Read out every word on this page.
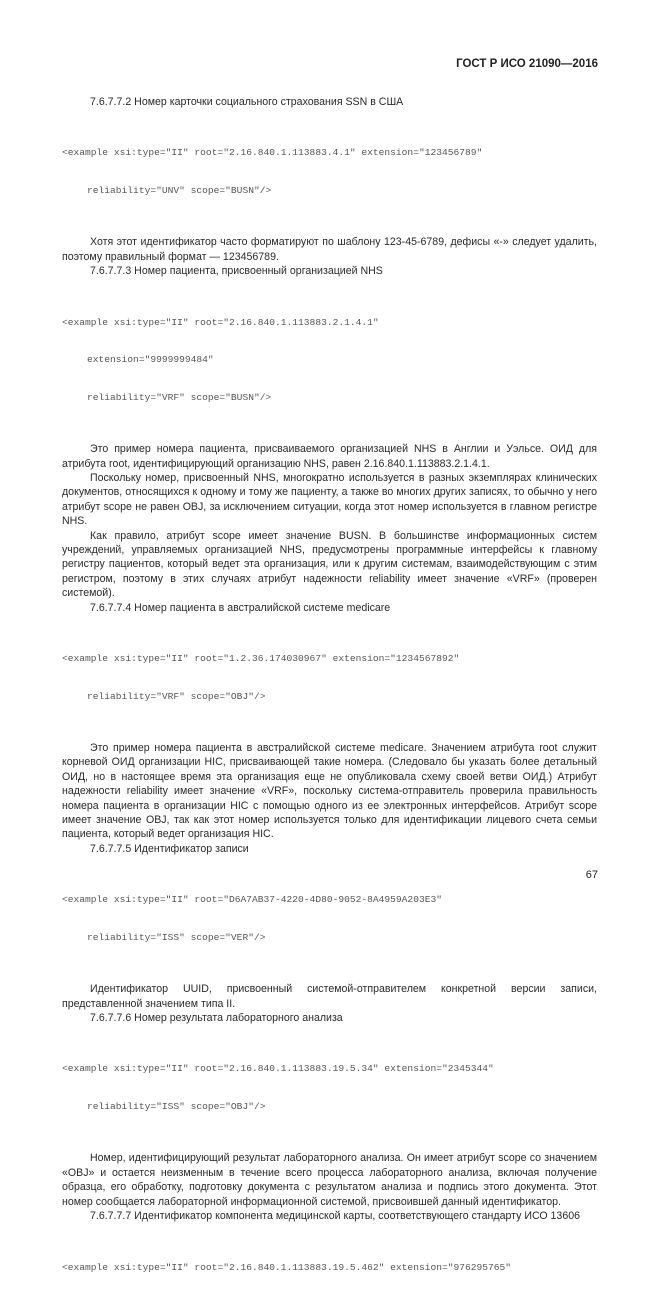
ГОСТ Р ИСО 21090—2016

7.6.7.7.2 Номер карточки социального страхования SSN в США

<example xsi:type="II" root="2.16.840.1.113883.4.1" extension="123456789"

reliability="UNV" scope="BUSN"/>

Хотя этот идентификатор часто форматируют по шаблону 123-45-6789, дефисы «-» следует удалить, поэтому правильный формат — 123456789.

7.6.7.7.3 Номер пациента, присвоенный организацией NHS

<example xsi:type="II" root="2.16.840.1.113883.2.1.4.1"

extension="9999999484"

reliability="VRF" scope="BUSN"/>

Это пример номера пациента, присваиваемого организацией NHS в Англии и Уэльсе. ОИД для атрибута root, идентифицирующий организацию NHS, равен 2.16.840.1.113883.2.1.4.1.

Поскольку номер, присвоенный NHS, многократно используется в разных экземплярах клинических документов, относящихся к одному и тому же пациенту, а также во многих других записях, то обычно у него атрибут scope не равен OBJ, за исключением ситуации, когда этот номер используется в главном регистре NHS.

Как правило, атрибут scope имеет значение BUSN. В большинстве информационных систем учреждений, управляемых организацией NHS, предусмотрены программные интерфейсы к главному регистру пациентов, который ведет эта организация, или к другим системам, взаимодействующим с этим регистром, поэтому в этих случаях атрибут надежности reliability имеет значение «VRF» (проверен системой).

7.6.7.7.4 Номер пациента в австралийской системе medicare

<example xsi:type="II" root="1.2.36.174030967" extension="1234567892"

reliability="VRF" scope="OBJ"/>

Это пример номера пациента в австралийской системе medicare. Значением атрибута root служит корневой ОИД организации HIC, присваивающей такие номера. (Следовало бы указать более детальный ОИД, но в настоящее время эта организация еще не опубликовала схему своей ветви ОИД.) Атрибут надежности reliability имеет значение «VRF», поскольку система-отправитель проверила правильность номера пациента в организации HIC с помощью одного из ее электронных интерфейсов. Атрибут scope имеет значение OBJ, так как этот номер используется только для идентификации лицевого счета семьи пациента, который ведет организация HIC.

7.6.7.7.5 Идентификатор записи

<example xsi:type="II" root="D6A7AB37-4220-4D80-9052-8A4959A203E3"

reliability="ISS" scope="VER"/>

Идентификатор UUID, присвоенный системой-отправителем конкретной версии записи, представленной значением типа II.

7.6.7.7.6 Номер результата лабораторного анализа

<example xsi:type="II" root="2.16.840.1.113883.19.5.34" extension="2345344"

reliability="ISS" scope="OBJ"/>

Номер, идентифицирующий результат лабораторного анализа. Он имеет атрибут scope со значением «OBJ» и остается неизменным в течение всего процесса лабораторного анализа, включая получение образца, его обработку, подготовку документа с результатом анализа и подпись этого документа. Этот номер сообщается лабораторной информационной системой, присвоившей данный идентификатор.

7.6.7.7.7 Идентификатор компонента медицинской карты, соответствующего стандарту ИСО 13606

<example xsi:type="II" root="2.16.840.1.113883.19.5.462" extension="976295765"

67
